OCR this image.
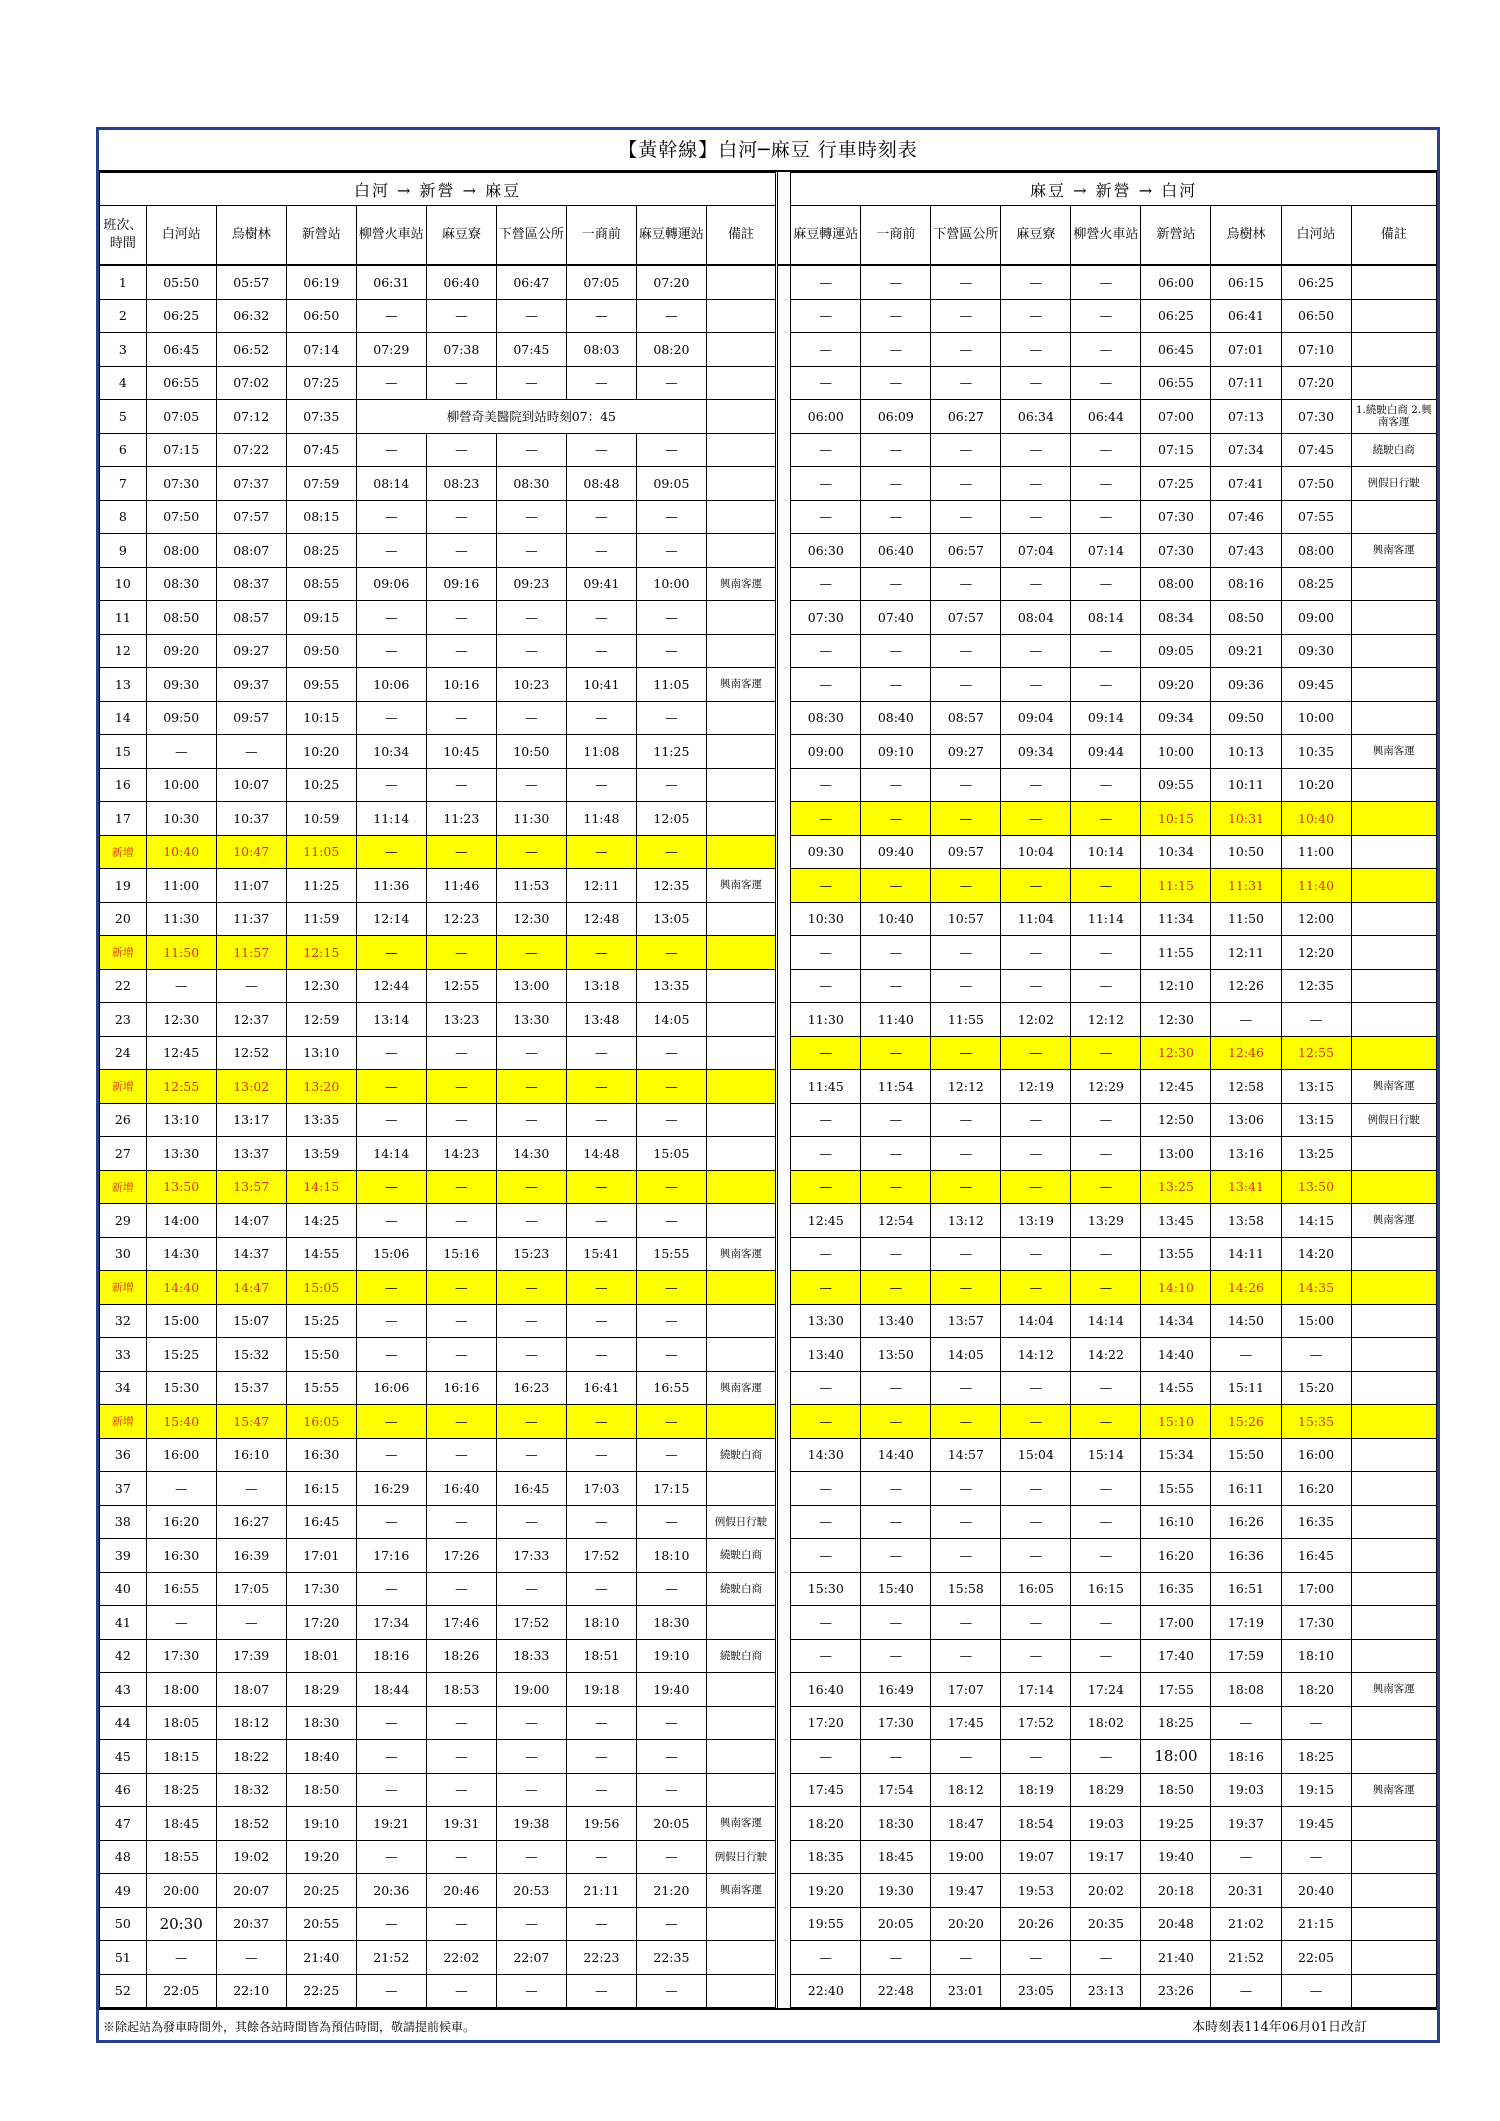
【黃幹線】白河─麻豆 行車時刻表
白河 → 新營 → 麻豆											麻豆 → 新營 → 白河								
班次、時間	白河站	烏樹林	新營站	柳營火車站	麻豆寮	下營區公所	一商前	麻豆轉運站	備註		麻豆轉運站	一商前	下營區公所	麻豆寮	柳營火車站	新營站	烏樹林	白河站	備註
1	05:50	05:57	06:19	06:31	06:40	06:47	07:05	07:20			—	—	—	—	—	06:00	06:15	06:25	
2	06:25	06:32	06:50	—	—	—	—	—			—	—	—	—	—	06:25	06:41	06:50	
3	06:45	06:52	07:14	07:29	07:38	07:45	08:03	08:20			—	—	—	—	—	06:45	07:01	07:10	
4	06:55	07:02	07:25	—	—	—	—	—			—	—	—	—	—	06:55	07:11	07:20	
5	07:05	07:12	07:35	柳營奇美醫院到站時刻07：45							06:00	06:09	06:27	06:34	06:44	07:00	07:13	07:30	1.繞駛白商 2.興南客運
6	07:15	07:22	07:45	—	—	—	—	—			—	—	—	—	—	07:15	07:34	07:45	繞駛白商
7	07:30	07:37	07:59	08:14	08:23	08:30	08:48	09:05			—	—	—	—	—	07:25	07:41	07:50	例假日行駛
8	07:50	07:57	08:15	—	—	—	—	—			—	—	—	—	—	07:30	07:46	07:55	
9	08:00	08:07	08:25	—	—	—	—	—			06:30	06:40	06:57	07:04	07:14	07:30	07:43	08:00	興南客運
10	08:30	08:37	08:55	09:06	09:16	09:23	09:41	10:00	興南客運		—	—	—	—	—	08:00	08:16	08:25	
11	08:50	08:57	09:15	—	—	—	—	—			07:30	07:40	07:57	08:04	08:14	08:34	08:50	09:00	
12	09:20	09:27	09:50	—	—	—	—	—			—	—	—	—	—	09:05	09:21	09:30	
13	09:30	09:37	09:55	10:06	10:16	10:23	10:41	11:05	興南客運		—	—	—	—	—	09:20	09:36	09:45	
14	09:50	09:57	10:15	—	—	—	—	—			08:30	08:40	08:57	09:04	09:14	09:34	09:50	10:00	
15	—	—	10:20	10:34	10:45	10:50	11:08	11:25			09:00	09:10	09:27	09:34	09:44	10:00	10:13	10:35	興南客運
16	10:00	10:07	10:25	—	—	—	—	—			—	—	—	—	—	09:55	10:11	10:20	
17	10:30	10:37	10:59	11:14	11:23	11:30	11:48	12:05			—	—	—	—	—	10:15	10:31	10:40	
新增	10:40	10:47	11:05	—	—	—	—	—			09:30	09:40	09:57	10:04	10:14	10:34	10:50	11:00	
19	11:00	11:07	11:25	11:36	11:46	11:53	12:11	12:35	興南客運		—	—	—	—	—	11:15	11:31	11:40	
20	11:30	11:37	11:59	12:14	12:23	12:30	12:48	13:05			10:30	10:40	10:57	11:04	11:14	11:34	11:50	12:00	
新增	11:50	11:57	12:15	—	—	—	—	—			—	—	—	—	—	11:55	12:11	12:20	
22	—	—	12:30	12:44	12:55	13:00	13:18	13:35			—	—	—	—	—	12:10	12:26	12:35	
23	12:30	12:37	12:59	13:14	13:23	13:30	13:48	14:05			11:30	11:40	11:55	12:02	12:12	12:30	—	—	
24	12:45	12:52	13:10	—	—	—	—	—			—	—	—	—	—	12:30	12:46	12:55	
新增	12:55	13:02	13:20	—	—	—	—	—			11:45	11:54	12:12	12:19	12:29	12:45	12:58	13:15	興南客運
26	13:10	13:17	13:35	—	—	—	—	—			—	—	—	—	—	12:50	13:06	13:15	例假日行駛
27	13:30	13:37	13:59	14:14	14:23	14:30	14:48	15:05			—	—	—	—	—	13:00	13:16	13:25	
新增	13:50	13:57	14:15	—	—	—	—	—			—	—	—	—	—	13:25	13:41	13:50	
29	14:00	14:07	14:25	—	—	—	—	—			12:45	12:54	13:12	13:19	13:29	13:45	13:58	14:15	興南客運
30	14:30	14:37	14:55	15:06	15:16	15:23	15:41	15:55	興南客運		—	—	—	—	—	13:55	14:11	14:20	
新增	14:40	14:47	15:05	—	—	—	—	—			—	—	—	—	—	14:10	14:26	14:35	
32	15:00	15:07	15:25	—	—	—	—	—			13:30	13:40	13:57	14:04	14:14	14:34	14:50	15:00	
33	15:25	15:32	15:50	—	—	—	—	—			13:40	13:50	14:05	14:12	14:22	14:40	—	—	
34	15:30	15:37	15:55	16:06	16:16	16:23	16:41	16:55	興南客運		—	—	—	—	—	14:55	15:11	15:20	
新增	15:40	15:47	16:05	—	—	—	—	—			—	—	—	—	—	15:10	15:26	15:35	
36	16:00	16:10	16:30	—	—	—	—	—	繞駛白商		14:30	14:40	14:57	15:04	15:14	15:34	15:50	16:00	
37	—	—	16:15	16:29	16:40	16:45	17:03	17:15			—	—	—	—	—	15:55	16:11	16:20	
38	16:20	16:27	16:45	—	—	—	—	—	例假日行駛		—	—	—	—	—	16:10	16:26	16:35	
39	16:30	16:39	17:01	17:16	17:26	17:33	17:52	18:10	繞駛白商		—	—	—	—	—	16:20	16:36	16:45	
40	16:55	17:05	17:30	—	—	—	—	—	繞駛白商		15:30	15:40	15:58	16:05	16:15	16:35	16:51	17:00	
41	—	—	17:20	17:34	17:46	17:52	18:10	18:30			—	—	—	—	—	17:00	17:19	17:30	
42	17:30	17:39	18:01	18:16	18:26	18:33	18:51	19:10	繞駛白商		—	—	—	—	—	17:40	17:59	18:10	
43	18:00	18:07	18:29	18:44	18:53	19:00	19:18	19:40			16:40	16:49	17:07	17:14	17:24	17:55	18:08	18:20	興南客運
44	18:05	18:12	18:30	—	—	—	—	—			17:20	17:30	17:45	17:52	18:02	18:25	—	—	
45	18:15	18:22	18:40	—	—	—	—	—			—	—	—	—	—	18:00	18:16	18:25	
46	18:25	18:32	18:50	—	—	—	—	—			17:45	17:54	18:12	18:19	18:29	18:50	19:03	19:15	興南客運
47	18:45	18:52	19:10	19:21	19:31	19:38	19:56	20:05	興南客運		18:20	18:30	18:47	18:54	19:03	19:25	19:37	19:45	
48	18:55	19:02	19:20	—	—	—	—	—	例假日行駛		18:35	18:45	19:00	19:07	19:17	19:40	—	—	
49	20:00	20:07	20:25	20:36	20:46	20:53	21:11	21:20	興南客運		19:20	19:30	19:47	19:53	20:02	20:18	20:31	20:40	
50	20:30	20:37	20:55	—	—	—	—	—			19:55	20:05	20:20	20:26	20:35	20:48	21:02	21:15	
51	—	—	21:40	21:52	22:02	22:07	22:23	22:35			—	—	—	—	—	21:40	21:52	22:05	
52	22:05	22:10	22:25	—	—	—	—	—			22:40	22:48	23:01	23:05	23:13	23:26	—	—	
※除起站為發車時間外，其餘各站時間皆為預估時間，敬請提前候車。	本時刻表114年06月01日改訂
